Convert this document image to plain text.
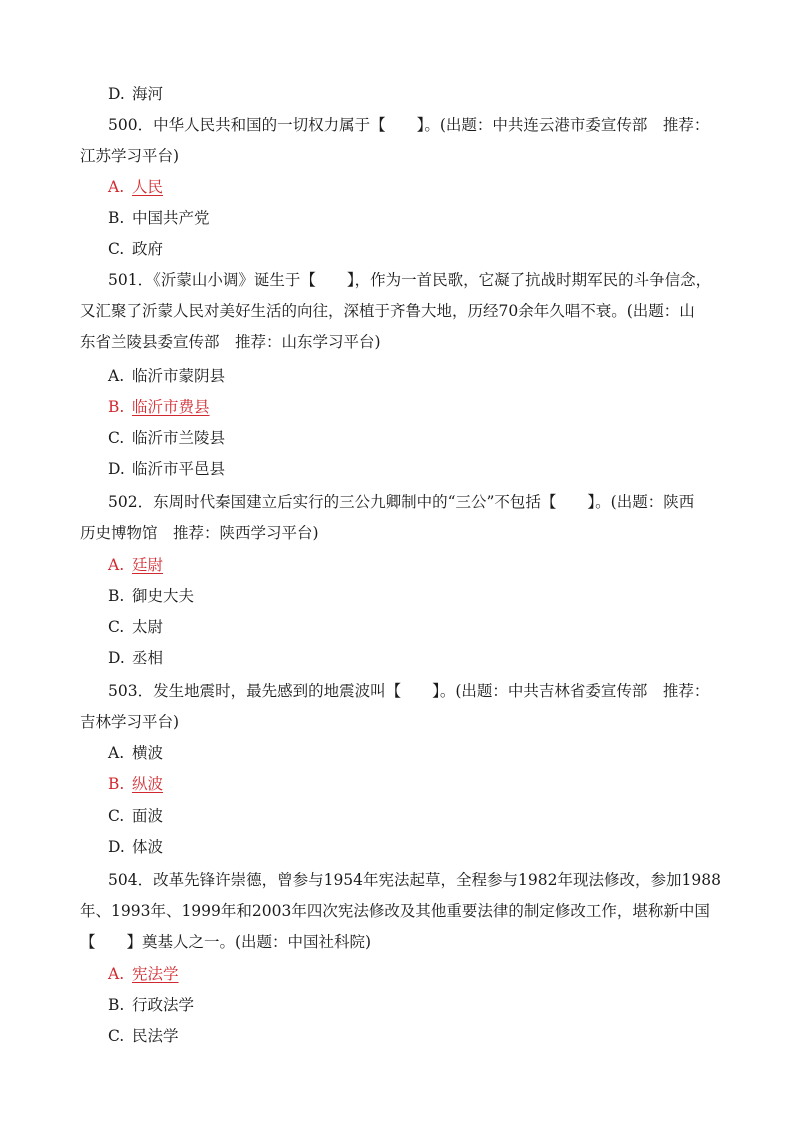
D. 海河
500．中华人民共和国的一切权力属于【　　】。(出题：中共连云港市委宣传部　推荐：
江苏学习平台)
A. 人民
B. 中国共产党
C. 政府
501．《沂蒙山小调》诞生于【　　】，作为一首民歌，它凝了抗战时期军民的斗争信念，
又汇聚了沂蒙人民对美好生活的向往，深植于齐鲁大地，历经70余年久唱不衰。(出题：山
东省兰陵县委宣传部　推荐：山东学习平台)
A. 临沂市蒙阴县
B. 临沂市费县
C. 临沂市兰陵县
D. 临沂市平邑县
502．东周时代秦国建立后实行的三公九卿制中的“三公”不包括【　　】。(出题：陕西
历史博物馆　推荐：陕西学习平台)
A. 廷尉
B. 御史大夫
C. 太尉
D. 丞相
503．发生地震时，最先感到的地震波叫【　　】。(出题：中共吉林省委宣传部　推荐：
吉林学习平台)
A. 横波
B. 纵波
C. 面波
D. 体波
504．改革先锋许崇德，曾参与1954年宪法起草，全程参与1982年现法修改，参加1988
年、1993年、1999年和2003年四次宪法修改及其他重要法律的制定修改工作，堪称新中国
【　　】奠基人之一。(出题：中国社科院)
A. 宪法学
B. 行政法学
C. 民法学
